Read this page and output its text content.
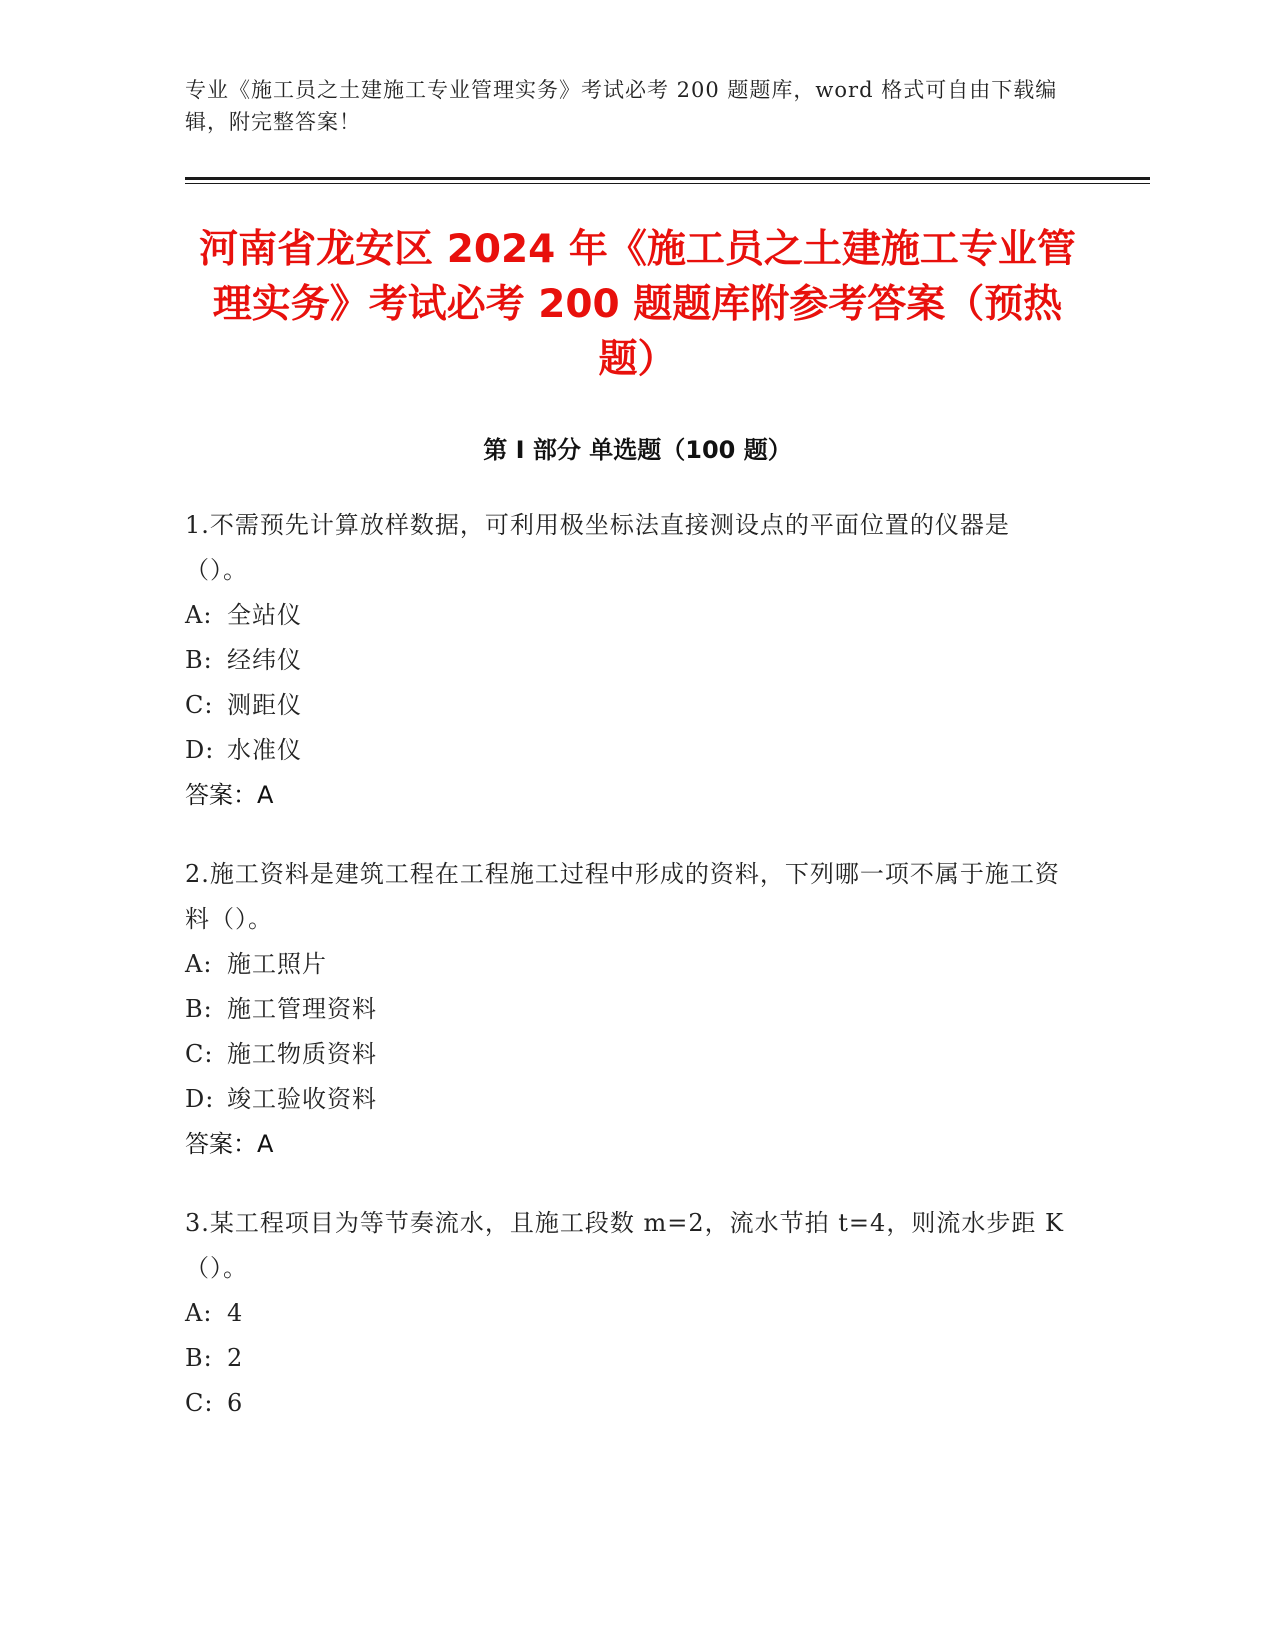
专业《施工员之土建施工专业管理实务》考试必考 200 题题库，word 格式可自由下载编辑，附完整答案！
河南省龙安区 2024 年《施工员之土建施工专业管理实务》考试必考 200 题题库附参考答案（预热题）
第 I 部分 单选题（100 题）
1.不需预先计算放样数据，可利用极坐标法直接测设点的平面位置的仪器是（）。
A: 全站仪
B: 经纬仪
C: 测距仪
D: 水准仪
答案：A
2.施工资料是建筑工程在工程施工过程中形成的资料，下列哪一项不属于施工资料（）。
A: 施工照片
B: 施工管理资料
C: 施工物质资料
D: 竣工验收资料
答案：A
3.某工程项目为等节奏流水，且施工段数 m=2，流水节拍 t=4，则流水步距 K（）。
A: 4
B: 2
C: 6
